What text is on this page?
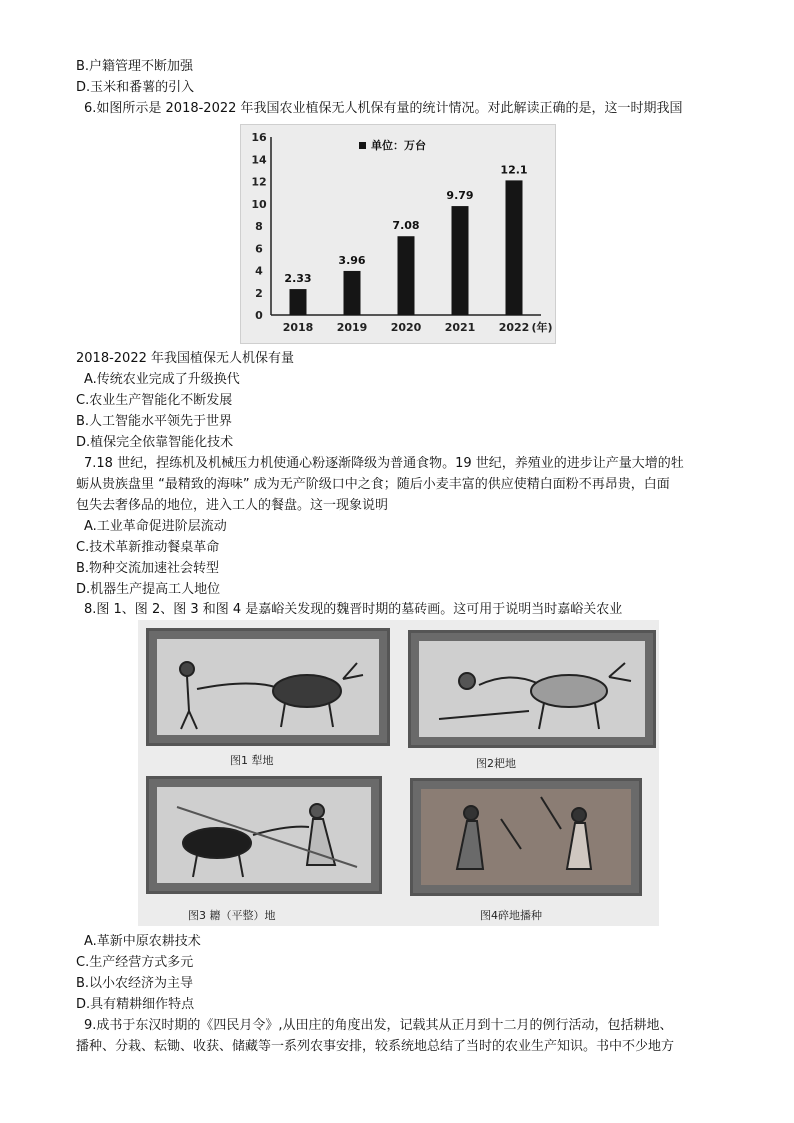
B.户籍管理不断加强
D.玉米和番薯的引入
6.如图所示是 2018-2022 年我国农业植保无人机保有量的统计情况。对此解读正确的是，这一时期我国
0
2
4
6
8
10
12
14
16
2.33
2018
3.96
2019
7.08
2020
9.79
2021
12.1
2022 (年)
单位：万台
2018-2022 年我国植保无人机保有量
A.传统农业完成了升级换代
C.农业生产智能化不断发展
B.人工智能水平领先于世界
D.植保完全依靠智能化技术
7.18 世纪，捏练机及机械压力机使通心粉逐渐降级为普通食物。19 世纪，养殖业的进步让产量大增的牡
蛎从贵族盘里 “最精致的海味” 成为无产阶级口中之食；随后小麦丰富的供应使精白面粉不再昂贵，白面
包失去奢侈品的地位，进入工人的餐盘。这一现象说明
A.工业革命促进阶层流动
C.技术革新推动餐桌革命
B.物种交流加速社会转型
D.机器生产提高工人地位
8.图 1、图 2、图 3 和图 4 是嘉峪关发现的魏晋时期的墓砖画。这可用于说明当时嘉峪关农业
图1 犁地	图2耙地
图3 耱（平整）地	图4碎地播种
A.革新中原农耕技术
C.生产经营方式多元
B.以小农经济为主导
D.具有精耕细作特点
9.成书于东汉时期的《四民月令》,从田庄的角度出发，记载其从正月到十二月的例行活动，包括耕地、
播种、分栽、耘锄、收获、储藏等一系列农事安排，较系统地总结了当时的农业生产知识。书中不少地方
